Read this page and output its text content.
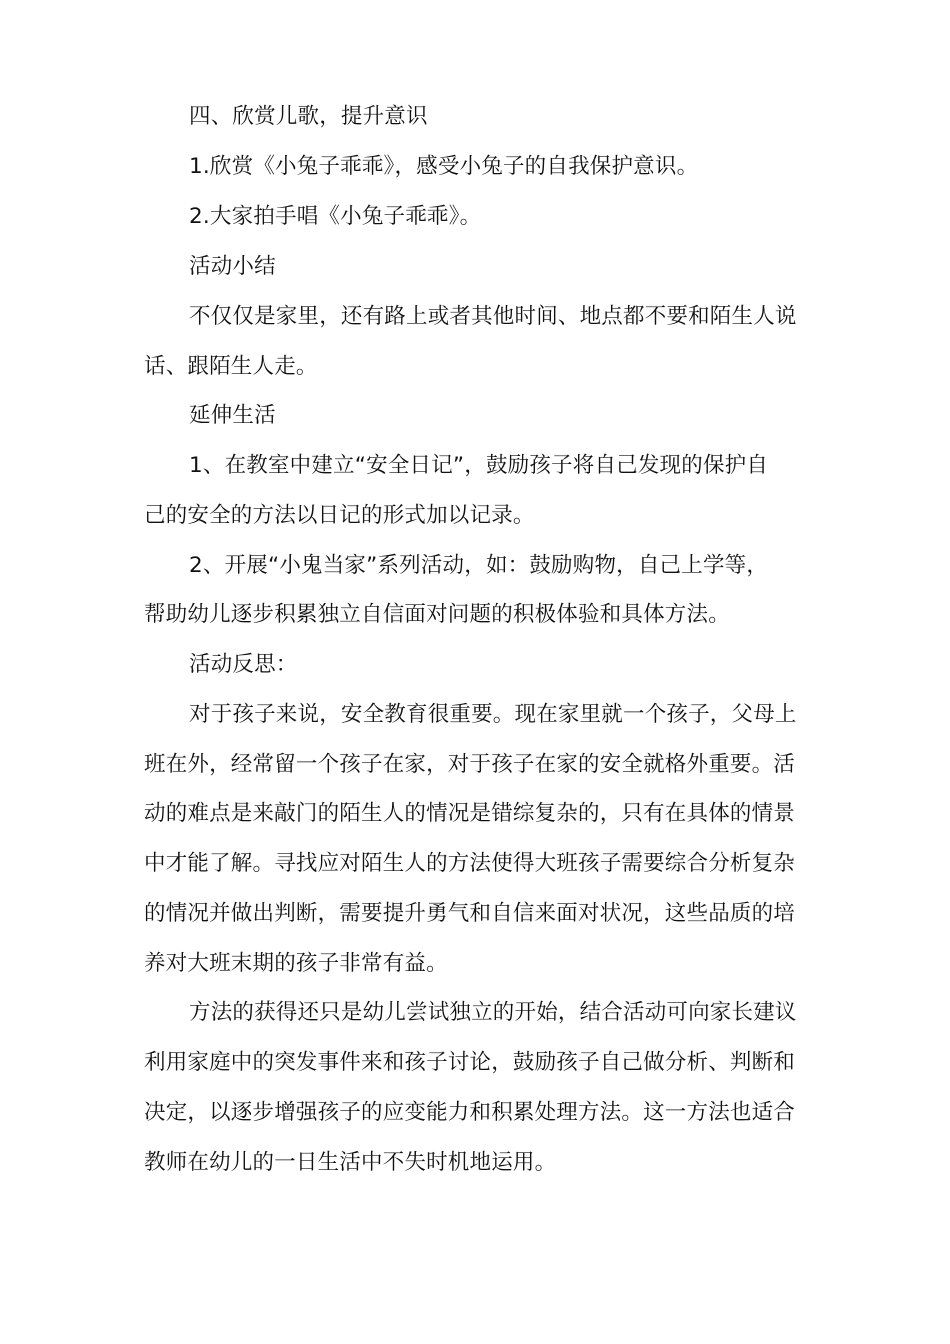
四、欣赏儿歌，提升意识
1.欣赏《小兔子乖乖》，感受小兔子的自我保护意识。
2.大家拍手唱《小兔子乖乖》。
活动小结
不仅仅是家里，还有路上或者其他时间、地点都不要和陌生人说
话、跟陌生人走。
延伸生活
1、在教室中建立“安全日记”，鼓励孩子将自己发现的保护自
己的安全的方法以日记的形式加以记录。
2、开展“小鬼当家”系列活动，如：鼓励购物，自己上学等，
帮助幼儿逐步积累独立自信面对问题的积极体验和具体方法。
活动反思：
对于孩子来说，安全教育很重要。现在家里就一个孩子，父母上
班在外，经常留一个孩子在家，对于孩子在家的安全就格外重要。活
动的难点是来敲门的陌生人的情况是错综复杂的，只有在具体的情景
中才能了解。寻找应对陌生人的方法使得大班孩子需要综合分析复杂
的情况并做出判断，需要提升勇气和自信来面对状况，这些品质的培
养对大班末期的孩子非常有益。
方法的获得还只是幼儿尝试独立的开始，结合活动可向家长建议
利用家庭中的突发事件来和孩子讨论，鼓励孩子自己做分析、判断和
决定，以逐步增强孩子的应变能力和积累处理方法。这一方法也适合
教师在幼儿的一日生活中不失时机地运用。
